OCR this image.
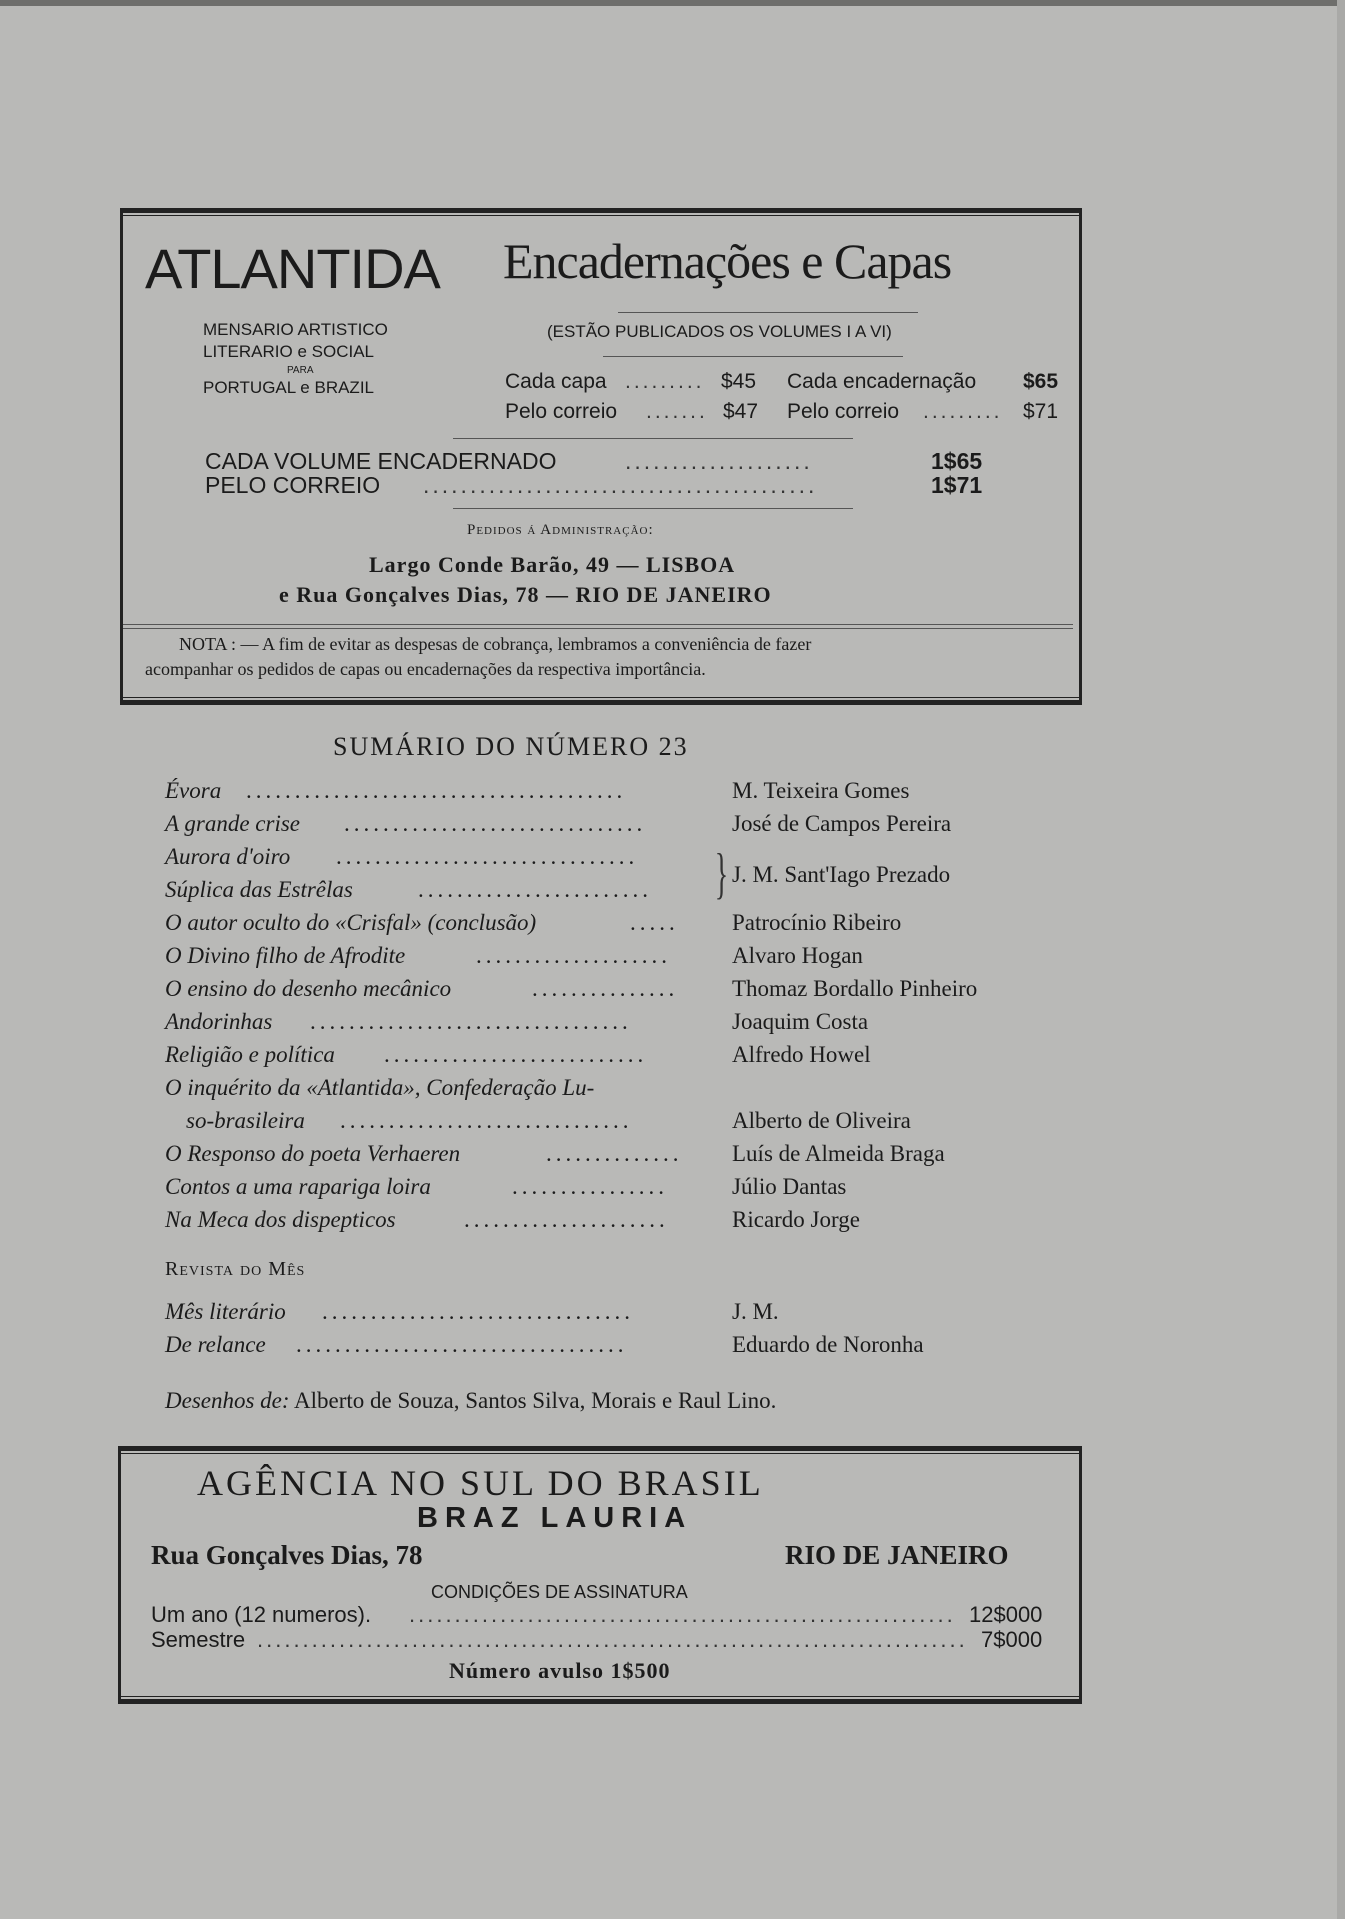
ATLANTIDA
MENSARIO ARTISTICO
LITERARIO e SOCIAL
PARA
PORTUGAL e BRAZIL
Encadernações e Capas
(ESTÃO PUBLICADOS OS VOLUMES I A VI)
Cada capa ......... $45 Cada encadernação $65
Pelo correio ....... $47 Pelo correio ......... $71
CADA VOLUME ENCADERNADO	....................	1$65
PELO CORREIO ..........................................	1$71
Pedidos á Administração:
Largo Conde Barão, 49 — LISBOA
e Rua Gonçalves Dias, 78 — RIO DE JANEIRO
NOTA : — A fim de evitar as despesas de cobrança, lembramos a conveniência de fazer
acompanhar os pedidos de capas ou encadernações da respectiva importância.
SUMÁRIO DO NÚMERO 23
Évora .......................................	M. Teixeira Gomes
A grande crise ...............................	José de Campos Pereira
Aurora d'oiro ...............................
Súplica das Estrêlas	........................	} J. M. Sant'Iago Prezado
O autor oculto do «Crisfal» (conclusão)	.....	Patrocínio Ribeiro
O Divino filho de Afrodite	....................	Alvaro Hogan
O ensino do desenho mecânico	...............	Thomaz Bordallo Pinheiro
Andorinhas .................................	Joaquim Costa
Religião e política ...........................	Alfredo Howel
O inquérito da «Atlantida», Confederação Lu-
so-brasileira ..............................	Alberto de Oliveira
O Responso do poeta Verhaeren	..............	Luís de Almeida Braga
Contos a uma rapariga loira	................	Júlio Dantas
Na Meca dos dispepticos	.....................	Ricardo Jorge
Revista do Mês
Mês literário ................................	J. M.
De relance ..................................	Eduardo de Noronha
Desenhos de: Alberto de Souza, Santos Silva, Morais e Raul Lino.
AGÊNCIA NO SUL DO BRASIL
BRAZ LAURIA
Rua Gonçalves Dias, 78	RIO DE JANEIRO
CONDIÇÕES DE ASSINATURA
Um ano (12 numeros). ............................................................ 12$000
Semestre .............................................................................. 7$000
Número avulso 1$500
